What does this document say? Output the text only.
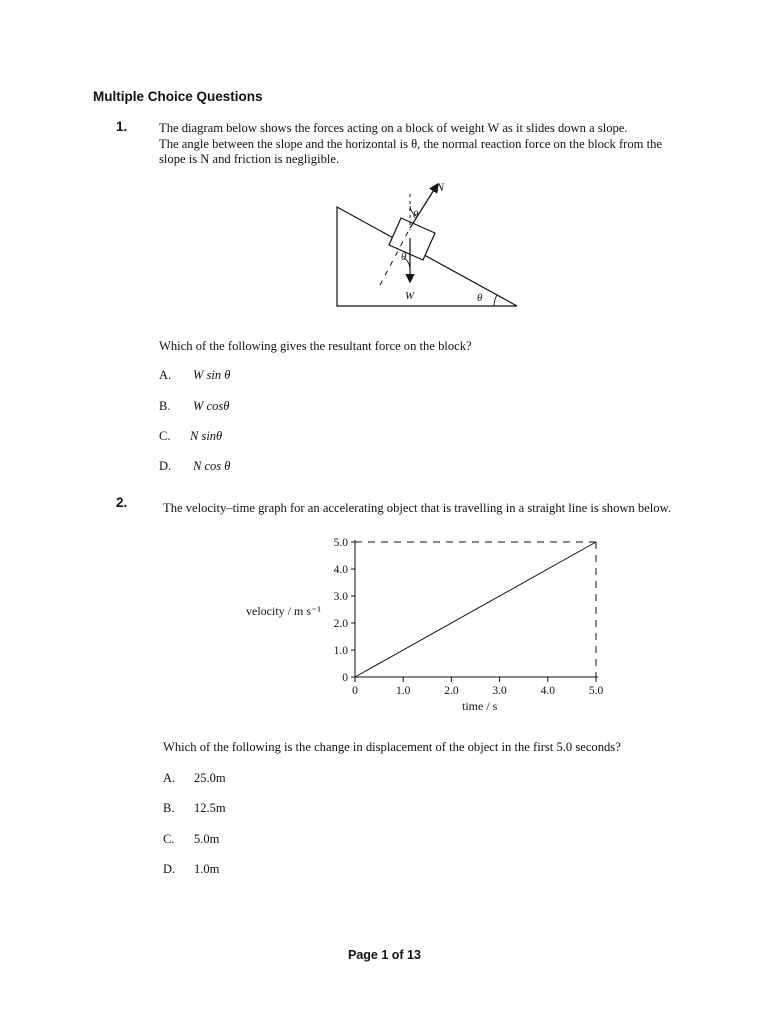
Multiple Choice Questions
1.	The diagram below shows the forces acting on a block of weight W as it slides down a slope.
The angle between the slope and the horizontal is θ, the normal reaction force on the block from the
slope is N and friction is negligible.
N
θ
θ
W	θ
Which of the following gives the resultant force on the block?
A. W sin θ
B. W cosθ
C. N sinθ
D. N cos θ
2.	The velocity–time graph for an accelerating object that is travelling in a straight line is shown below.
0
1.0
2.0
3.0
4.0
5.0
0	1.0	2.0	3.0	4.0	5.0
velocity / m s⁻¹
time / s
Which of the following is the change in displacement of the object in the first 5.0 seconds?
A. 25.0m
B. 12.5m
C. 5.0m
D. 1.0m
Page 1 of 13
